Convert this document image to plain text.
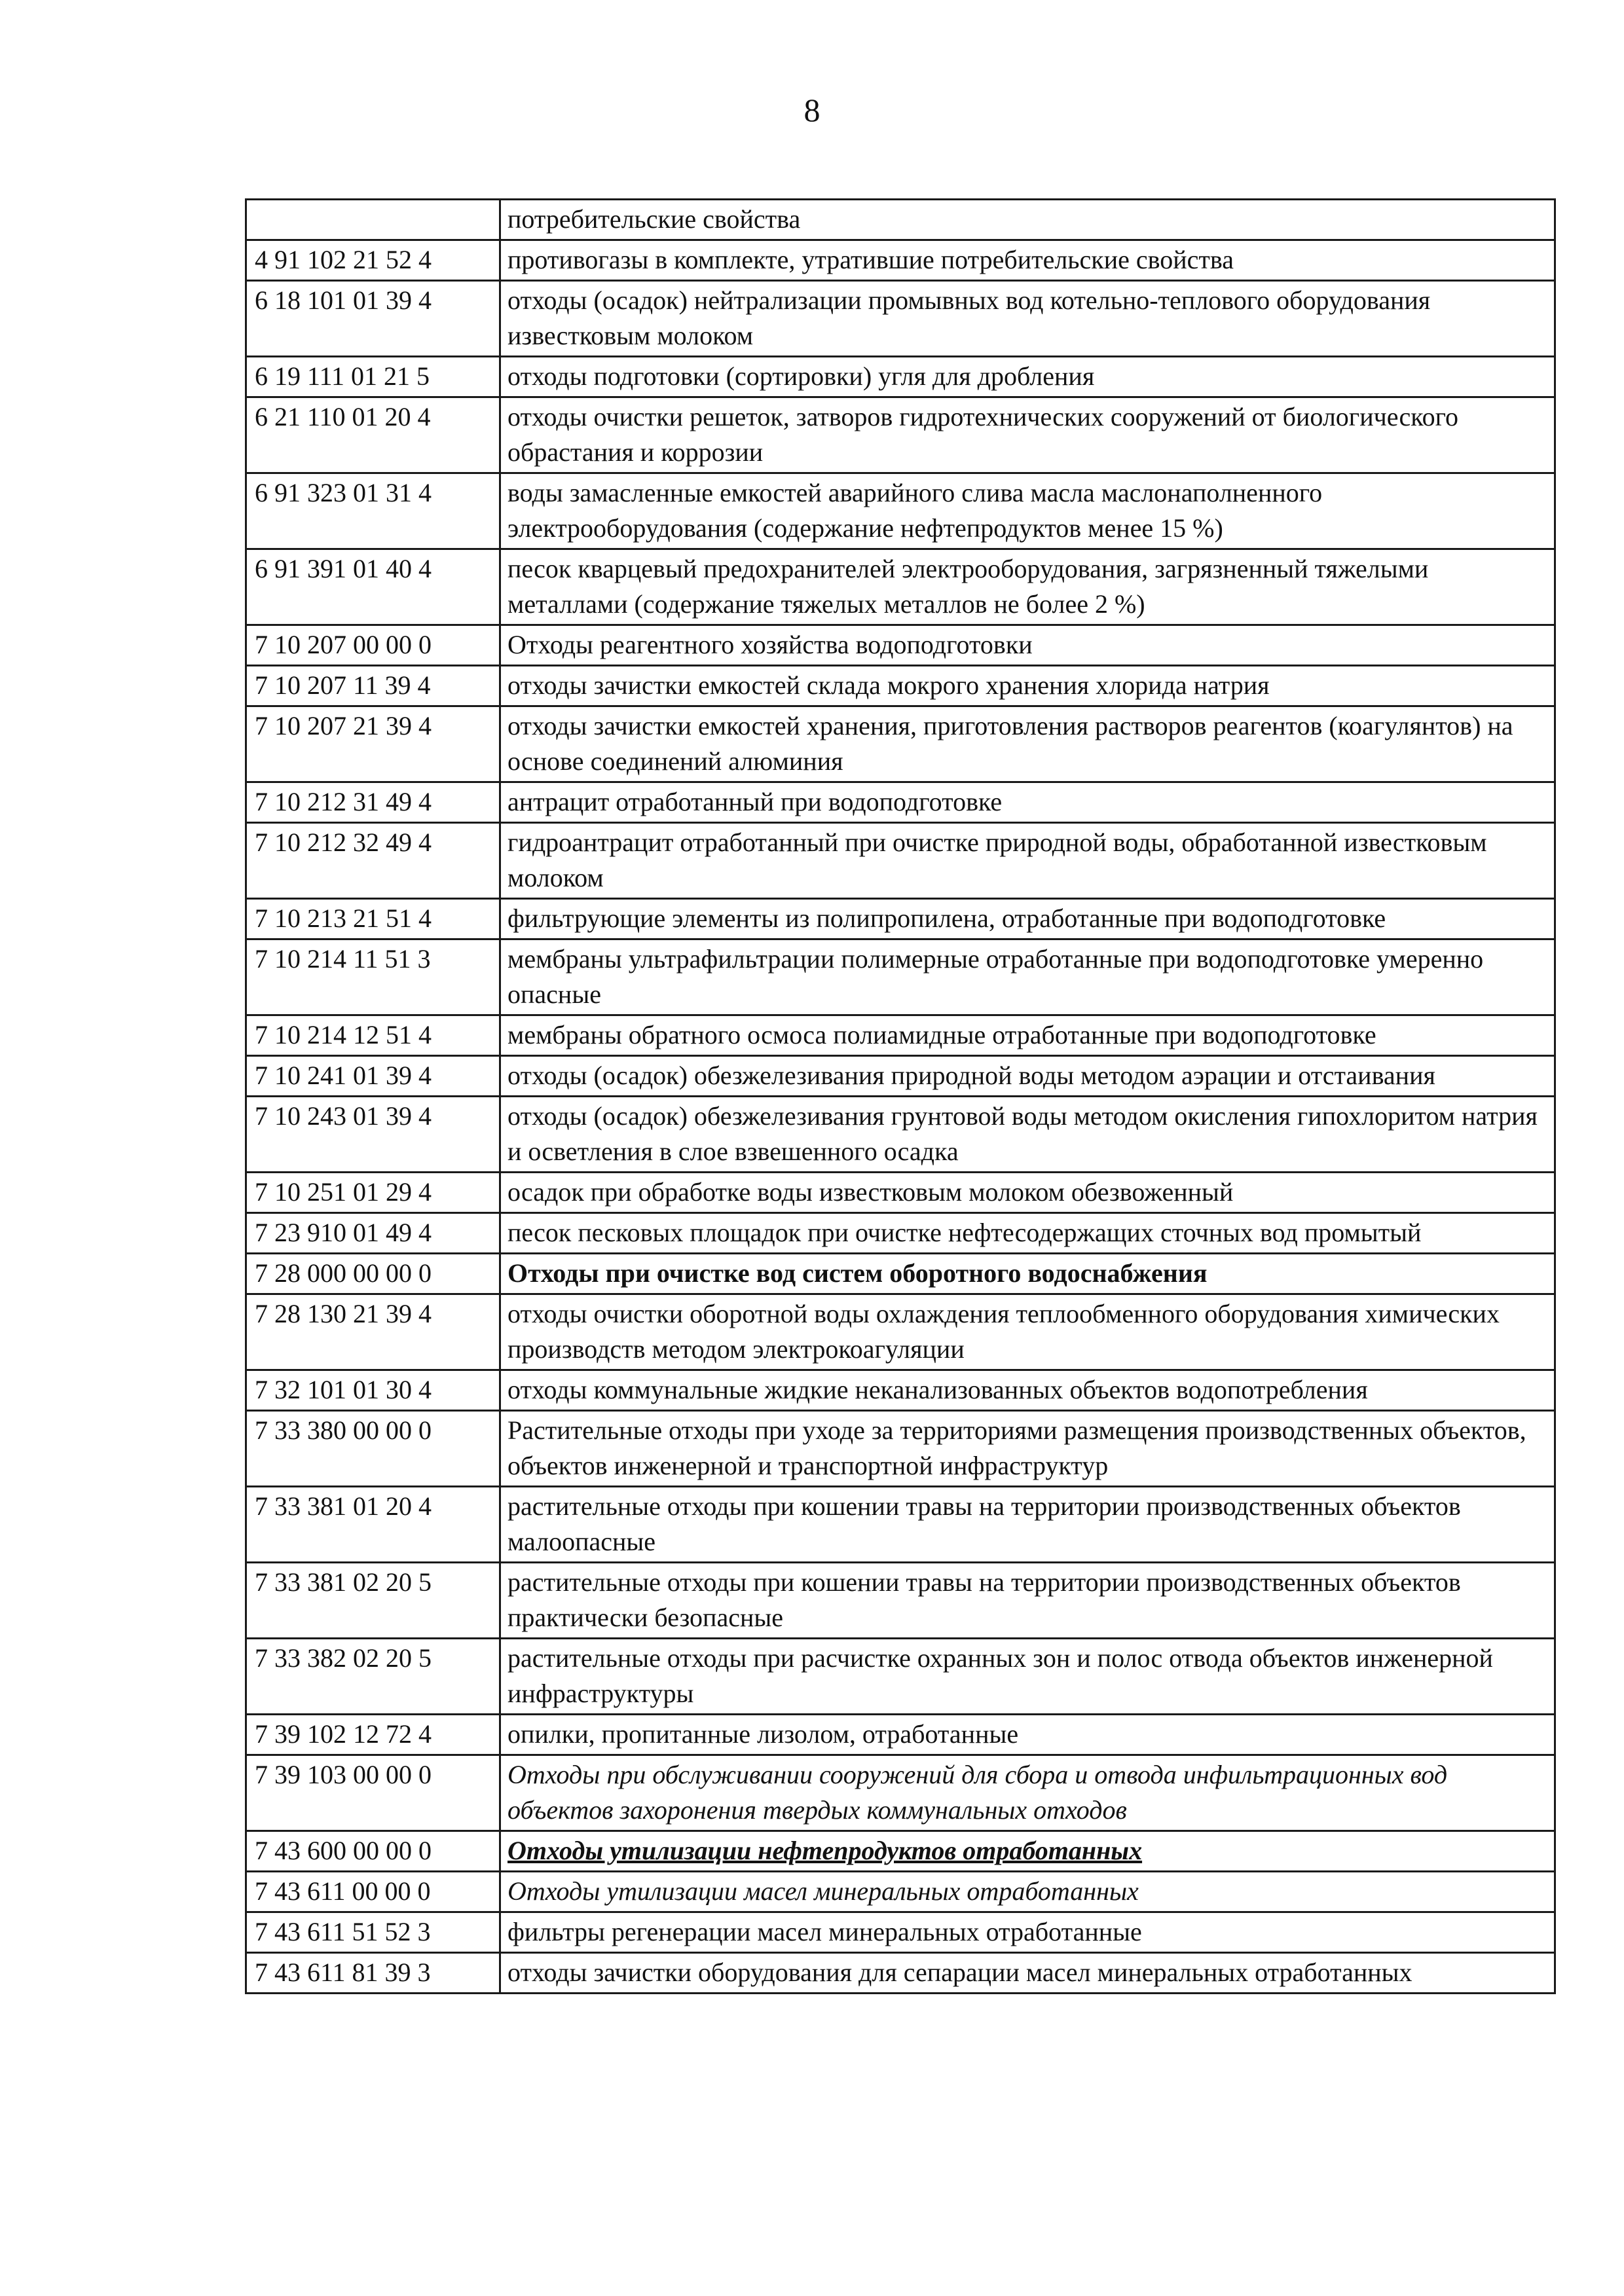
8
	потребительские свойства
4 91 102 21 52 4	противогазы в комплекте, утратившие потребительские свойства
6 18 101 01 39 4	отходы (осадок) нейтрализации промывных вод котельно-теплового оборудования известковым молоком
6 19 111 01 21 5	отходы подготовки (сортировки) угля для дробления
6 21 110 01 20 4	отходы очистки решеток, затворов гидротехнических сооружений от биологического обрастания и коррозии
6 91 323 01 31 4	воды замасленные емкостей аварийного слива масла маслонаполненного электрооборудования (содержание нефтепродуктов менее 15 %)
6 91 391 01 40 4	песок кварцевый предохранителей электрооборудования, загрязненный тяжелыми металлами (содержание тяжелых металлов не более 2 %)
7 10 207 00 00 0	Отходы реагентного хозяйства водоподготовки
7 10 207 11 39 4	отходы зачистки емкостей склада мокрого хранения хлорида натрия
7 10 207 21 39 4	отходы зачистки емкостей хранения, приготовления растворов реагентов (коагулянтов) на основе соединений алюминия
7 10 212 31 49 4	антрацит отработанный при водоподготовке
7 10 212 32 49 4	гидроантрацит отработанный при очистке природной воды, обработанной известковым молоком
7 10 213 21 51 4	фильтрующие элементы из полипропилена, отработанные при водоподготовке
7 10 214 11 51 3	мембраны ультрафильтрации полимерные отработанные при водоподготовке умеренно опасные
7 10 214 12 51 4	мембраны обратного осмоса полиамидные отработанные при водоподготовке
7 10 241 01 39 4	отходы (осадок) обезжелезивания природной воды методом аэрации и отстаивания
7 10 243 01 39 4	отходы (осадок) обезжелезивания грунтовой воды методом окисления гипохлоритом натрия и осветления в слое взвешенного осадка
7 10 251 01 29 4	осадок при обработке воды известковым молоком обезвоженный
7 23 910 01 49 4	песок песковых площадок при очистке нефтесодержащих сточных вод промытый
7 28 000 00 00 0	Отходы при очистке вод систем оборотного водоснабжения
7 28 130 21 39 4	отходы очистки оборотной воды охлаждения теплообменного оборудования химических производств методом электрокоагуляции
7 32 101 01 30 4	отходы коммунальные жидкие неканализованных объектов водопотребления
7 33 380 00 00 0	Растительные отходы при уходе за территориями размещения производственных объектов, объектов инженерной и транспортной инфраструктур
7 33 381 01 20 4	растительные отходы при кошении травы на территории производственных объектов малоопасные
7 33 381 02 20 5	растительные отходы при кошении травы на территории производственных объектов практически безопасные
7 33 382 02 20 5	растительные отходы при расчистке охранных зон и полос отвода объектов инженерной инфраструктуры
7 39 102 12 72 4	опилки, пропитанные лизолом, отработанные
7 39 103 00 00 0	Отходы при обслуживании сооружений для сбора и отвода инфильтрационных вод объектов захоронения твердых коммунальных отходов
7 43 600 00 00 0	Отходы утилизации нефтепродуктов отработанных
7 43 611 00 00 0	Отходы утилизации масел минеральных отработанных
7 43 611 51 52 3	фильтры регенерации масел минеральных отработанные
7 43 611 81 39 3	отходы зачистки оборудования для сепарации масел минеральных отработанных
